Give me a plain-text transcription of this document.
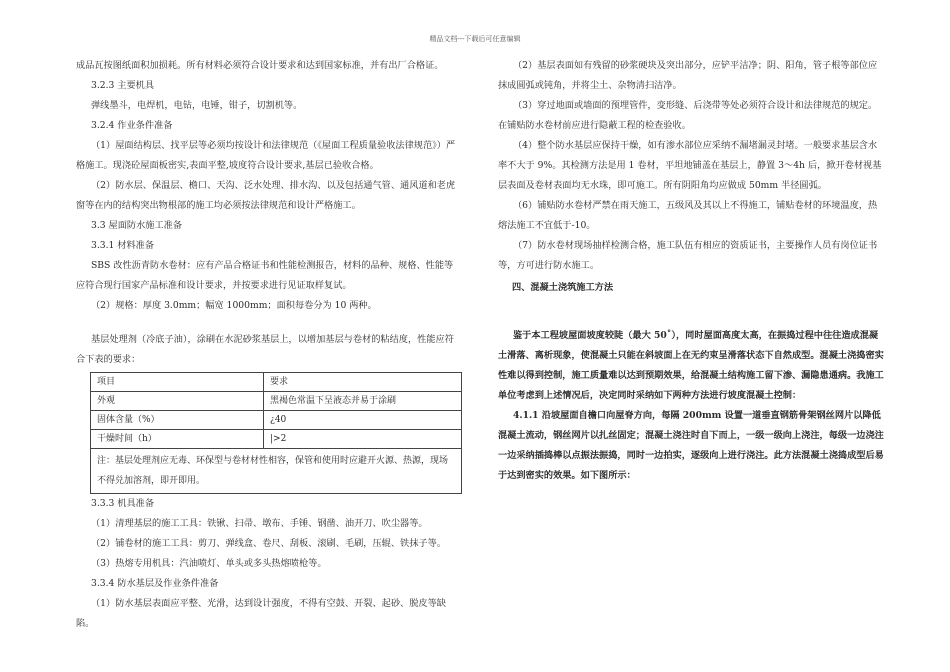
精品文档---下载后可任意编辑

成品瓦按图纸面积加损耗。所有材料必须符合设计要求和达到国家标准，并有出厂合格证。

3.2.3 主要机具

弹线墨斗，电焊机，电钻，电锤，钳子，切割机等。

3.2.4 作业条件准备

（1）屋面结构层、找平层等必须均按设计和法律规范（《屋面工程质量验收法律规范》）严格施工。现浇砼屋面板密实,表面平整,坡度符合设计要求,基层已验收合格。

（2）防水层、保温层、檐口、天沟、泛水处理、排水沟、以及包括通气管、通风道和老虎窗等在内的结构突出物根部的施工均必须按法律规范和设计严格施工。

3.3 屋面防水施工准备

3.3.1 材料准备

SBS 改性沥青防水卷材：应有产品合格证书和性能检测报告，材料的品种、规格、性能等应符合现行国家产品标准和设计要求，并按要求进行见证取样复试。

（2）规格：厚度 3.0mm；幅宽 1000mm；面积每卷分为 10 两种。

基层处理剂（冷底子油），涂刷在水泥砂浆基层上，以增加基层与卷材的粘结度，性能应符合下表的要求：

项目	要求
外观	黑褐色常温下呈液态并易于涂刷
固体含量（%）	¿40
干燥时间（h）	|>2
注：基层处理剂应无毒、环保型与卷材材性相容，保管和使用时应避开火源、热源，现场不得兑加溶剂，即开即用。	

3.3.3 机具准备

（1）清理基层的施工工具：铁锹、扫帚、墩布、手锤、钢凿、油开刀、吹尘器等。

（2）铺卷材的施工工具：剪刀、弹线盒、卷尺、刮板、滚刷、毛刷，压辊、铁抹子等。

（3）热熔专用机具：汽油喷灯、单头或多头热熔喷枪等。

3.3.4 防水基层及作业条件准备

（1）防水基层表面应平整、光滑，达到设计强度，不得有空鼓、开裂、起砂、脱皮等缺陷。

（2）基层表面如有残留的砂浆硬块及突出部分，应铲平洁净；阴、阳角，管子根等部位应抹成圆弧或钝角，并将尘土、杂物清扫洁净。

（3）穿过地面或墙面的预埋管件，变形缝、后浇带等处必须符合设计和法律规范的规定。在铺贴防水卷材前应进行隐蔽工程的检查验收。

（4）整个防水基层应保持干燥，如有渗水部位应采纳不漏堵漏灵封堵。一般要求基层含水率不大于 9%。其检测方法是用 1 卷材，平坦地铺盖在基层上，静置 3～4h 后，掀开卷材视基层表面及卷材表面均无水珠，即可施工。所有阴阳角均应做成 50mm 半径圆弧。

（6）铺贴防水卷材严禁在雨天施工，五级风及其以上不得施工，铺贴卷材的环境温度，热熔法施工不宜低于-10。

（7）防水卷材现场抽样检测合格，施工队伍有相应的资质证书，主要操作人员有岗位证书等，方可进行防水施工。

四、混凝土浇筑施工方法

鉴于本工程坡屋面坡度较陡（最大 50˚），同时屋面高度太高，在振捣过程中往往造成混凝土滑落、离析现象，使混凝土只能在斜坡面上在无约束呈滑落状态下自然成型。混凝土浇捣密实性难以得到控制，施工质量难以达到预期效果，给混凝土结构施工留下渗、漏隐患通病。我施工单位考虑到上述情况后，决定同时采纳如下两种方法进行坡度混凝土控制：

4.1.1 沿坡屋面自檐口向屋脊方向，每隔 200mm 设置一道垂直钢筋骨架钢丝网片以降低混凝土流动，钢丝网片以扎丝固定；混凝土浇注时自下而上，一级一级向上浇注，每级一边浇注一边采纳插捣棒以点振法振捣，同时一边拍实，逐级向上进行浇注。此方法混凝土浇捣成型后易于达到密实的效果。如下图所示：
